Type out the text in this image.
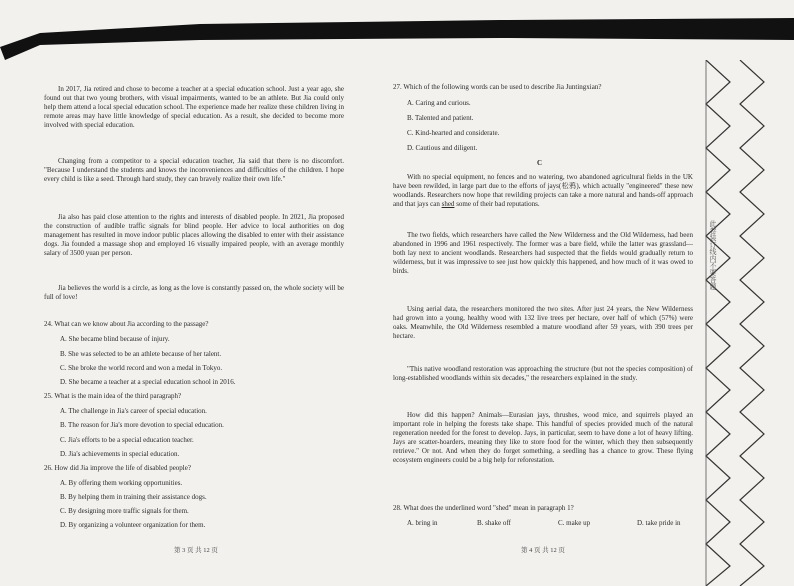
In 2017, Jia retired and chose to become a teacher at a special education school. Just a year ago, she found out that two young brothers, with visual impairments, wanted to be an athlete. But Jia could only help them attend a local special education school. The experience made her realize these children living in remote areas may have little knowledge of special education. As a result, she decided to become more involved with special education.
Changing from a competitor to a special education teacher, Jia said that there is no discomfort. "Because I understand the students and knows the inconveniences and difficulties of the children. I hope every child is like a seed. Through hard study, they can bravely realize their own life."
Jia also has paid close attention to the rights and interests of disabled people. In 2021, Jia proposed the construction of audible traffic signals for blind people. Her advice to local authorities on dog management has resulted in move indoor public places allowing the disabled to enter with their assistance dogs. Jia founded a massage shop and employed 16 visually impaired people, with an average monthly salary of 3500 yuan per person.
Jia believes the world is a circle, as long as the love is constantly passed on, the whole society will be full of love!
24. What can we know about Jia according to the passage?
A. She became blind because of injury.
B. She was selected to be an athlete because of her talent.
C. She broke the world record and won a medal in Tokyo.
D. She became a teacher at a special education school in 2016.
25. What is the main idea of the third paragraph?
A. The challenge in Jia's career of special education.
B. The reason for Jia's more devotion to special education.
C. Jia's efforts to be a special education teacher.
D. Jia's achievements in special education.
26. How did Jia improve the life of disabled people?
A. By offering them working opportunities.
B. By helping them in training their assistance dogs.
C. By designing more traffic signals for them.
D. By organizing a volunteer organization for them.
第 3 页 共 12 页
27. Which of the following words can be used to describe Jia Juntingxian?
A. Caring and curious.
B. Talented and patient.
C. Kind-hearted and considerate.
D. Cautious and diligent.
C
With no special equipment, no fences and no watering, two abandoned agricultural fields in the UK have been rewilded, in large part due to the efforts of jays(松鸦), which actually "engineered" these new woodlands. Researchers now hope that rewilding projects can take a more natural and hands-off approach and that jays can shed some of their bad reputations.
The two fields, which researchers have called the New Wilderness and the Old Wilderness, had been abandoned in 1996 and 1961 respectively. The former was a bare field, while the latter was grassland— both lay next to ancient woodlands. Researchers had suspected that the fields would gradually return to wilderness, but it was impressive to see just how quickly this happened, and how much of it was owed to birds.
Using aerial data, the researchers monitored the two sites. After just 24 years, the New Wilderness had grown into a young, healthy wood with 132 live trees per hectare, over half of which (57%) were oaks. Meanwhile, the Old Wilderness resembled a mature woodland after 59 years, with 390 trees per hectare.
"This native woodland restoration was approaching the structure (but not the species composition) of long-established woodlands within six decades," the researchers explained in the study.
How did this happen? Animals—Eurasian jays, thrushes, wood mice, and squirrels played an important role in helping the forests take shape. This handful of species provided much of the natural regeneration needed for the forest to develop. Jays, in particular, seem to have done a lot of heavy lifting. Jays are scatter-hoarders, meaning they like to store food for the winter, which they then subsequently retrieve." Or not. And when they do forget something, a seedling has a chance to grow. These flying ecosystem engineers could be a big help for reforestation.
28. What does the underlined word "shed" mean in paragraph 1?
A. bring in	B. shake off	C. make up	D. take pride in
第 4 页 共 12 页
此卷装订线内不要答题
